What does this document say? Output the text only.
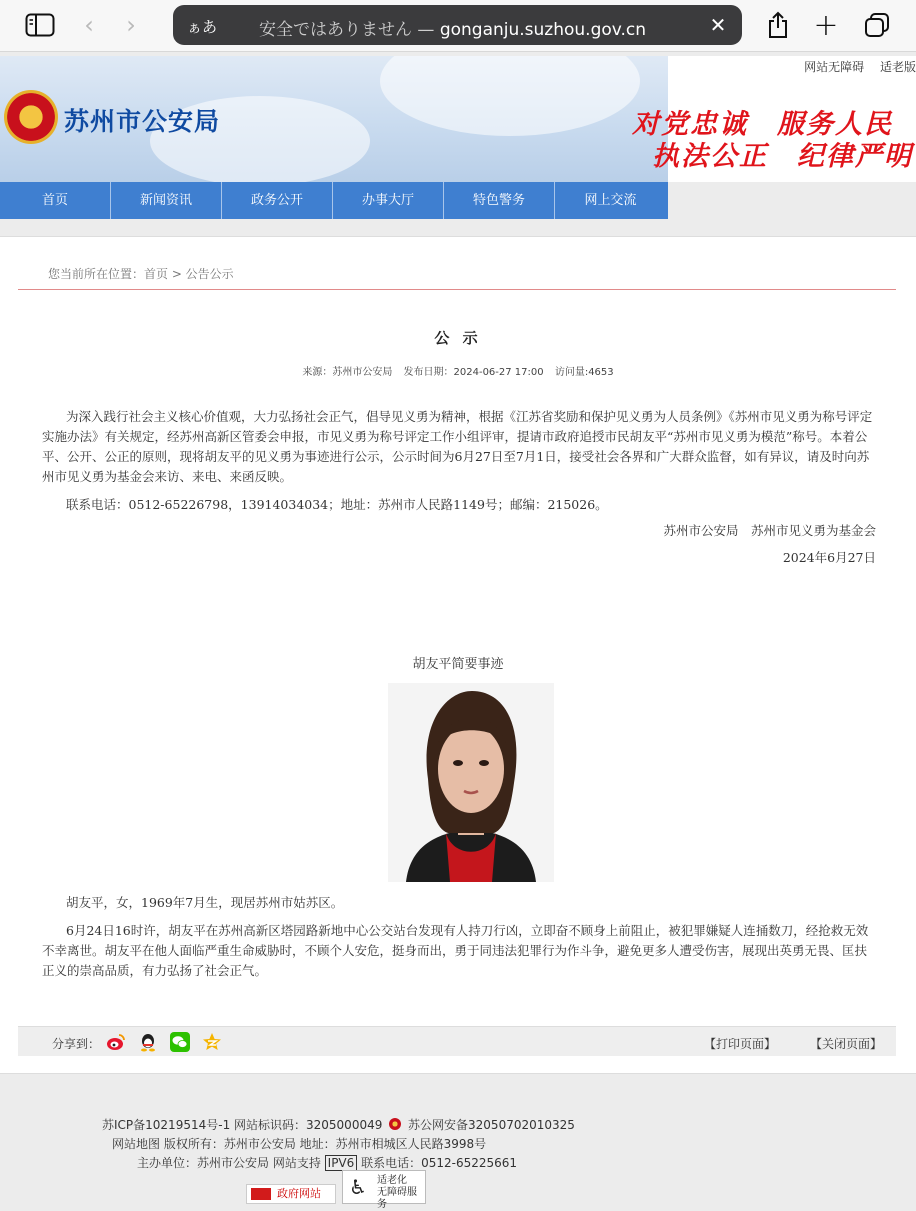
‹ ›	ぁあ 安全ではありません — gonganju.suzhou.gov.cn	✕	+
苏州市公安局
网站无障碍 适老版
对党忠诚　服务人民
执法公正　纪律严明
首页	新闻资讯	政务公开	办事大厅	特色警务	网上交流
您当前所在位置：首页 > 公告公示
公 示
来源：苏州市公安局 发布日期：2024-06-27 17:00 访问量:4653
为深入践行社会主义核心价值观，大力弘扬社会正气，倡导见义勇为精神，根据《江苏省奖励和保护见义勇为人员条例》《苏州市见义勇为称号评定实施办法》有关规定，经苏州高新区管委会申报，市见义勇为称号评定工作小组评审，提请市政府追授市民胡友平“苏州市见义勇为模范”称号。本着公平、公开、公正的原则，现将胡友平的见义勇为事迹进行公示，公示时间为6月27日至7月1日，接受社会各界和广大群众监督，如有异议，请及时向苏州市见义勇为基金会来访、来电、来函反映。
联系电话：0512-65226798，13914034034；地址：苏州市人民路1149号；邮编：215026。
苏州市公安局　苏州市见义勇为基金会
2024年6月27日
胡友平简要事迹
胡友平，女，1969年7月生，现居苏州市姑苏区。
6月24日16时许，胡友平在苏州高新区塔园路新地中心公交站台发现有人持刀行凶，立即奋不顾身上前阻止，被犯罪嫌疑人连捅数刀，经抢救无效不幸离世。胡友平在他人面临严重生命威胁时，不顾个人安危，挺身而出，勇于同违法犯罪行为作斗争，避免更多人遭受伤害，展现出英勇无畏、匡扶正义的崇高品质，有力弘扬了社会正气。
分享到：	【打印页面】	【关闭页面】
苏ICP备10219514号-1 网站标识码：3205000049 苏公网安备32050702010325
网站地图 版权所有：苏州市公安局 地址：苏州市相城区人民路3998号
主办单位：苏州市公安局 网站支持 IPV6 联系电话：0512-65225661
政府网站	♿ 适老化
无障碍服务
